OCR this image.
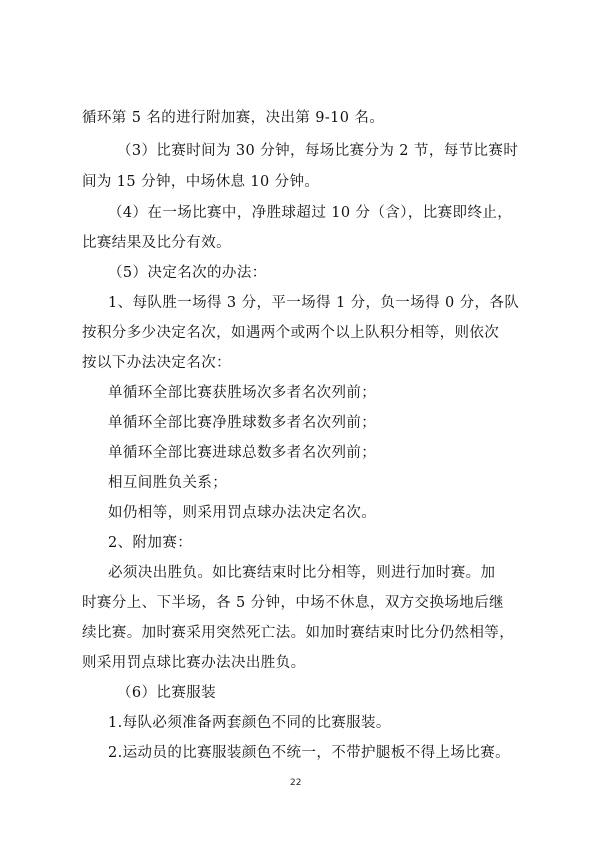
循环第 5 名的进行附加赛，决出第 9-10 名。
（3）比赛时间为 30 分钟，每场比赛分为 2 节，每节比赛时
间为 15 分钟，中场休息 10 分钟。
（4）在一场比赛中，净胜球超过 10 分（含），比赛即终止，
比赛结果及比分有效。
（5）决定名次的办法：
1、每队胜一场得 3 分，平一场得 1 分，负一场得 0 分，各队
按积分多少决定名次，如遇两个或两个以上队积分相等，则依次
按以下办法决定名次：
单循环全部比赛获胜场次多者名次列前；
单循环全部比赛净胜球数多者名次列前；
单循环全部比赛进球总数多者名次列前；
相互间胜负关系；
如仍相等，则采用罚点球办法决定名次。
2、附加赛：
必须决出胜负。如比赛结束时比分相等，则进行加时赛。加
时赛分上、下半场，各 5 分钟，中场不休息，双方交换场地后继
续比赛。加时赛采用突然死亡法。如加时赛结束时比分仍然相等，
则采用罚点球比赛办法决出胜负。
（6）比赛服装
1.每队必须准备两套颜色不同的比赛服装。
2.运动员的比赛服装颜色不统一，不带护腿板不得上场比赛。
22
